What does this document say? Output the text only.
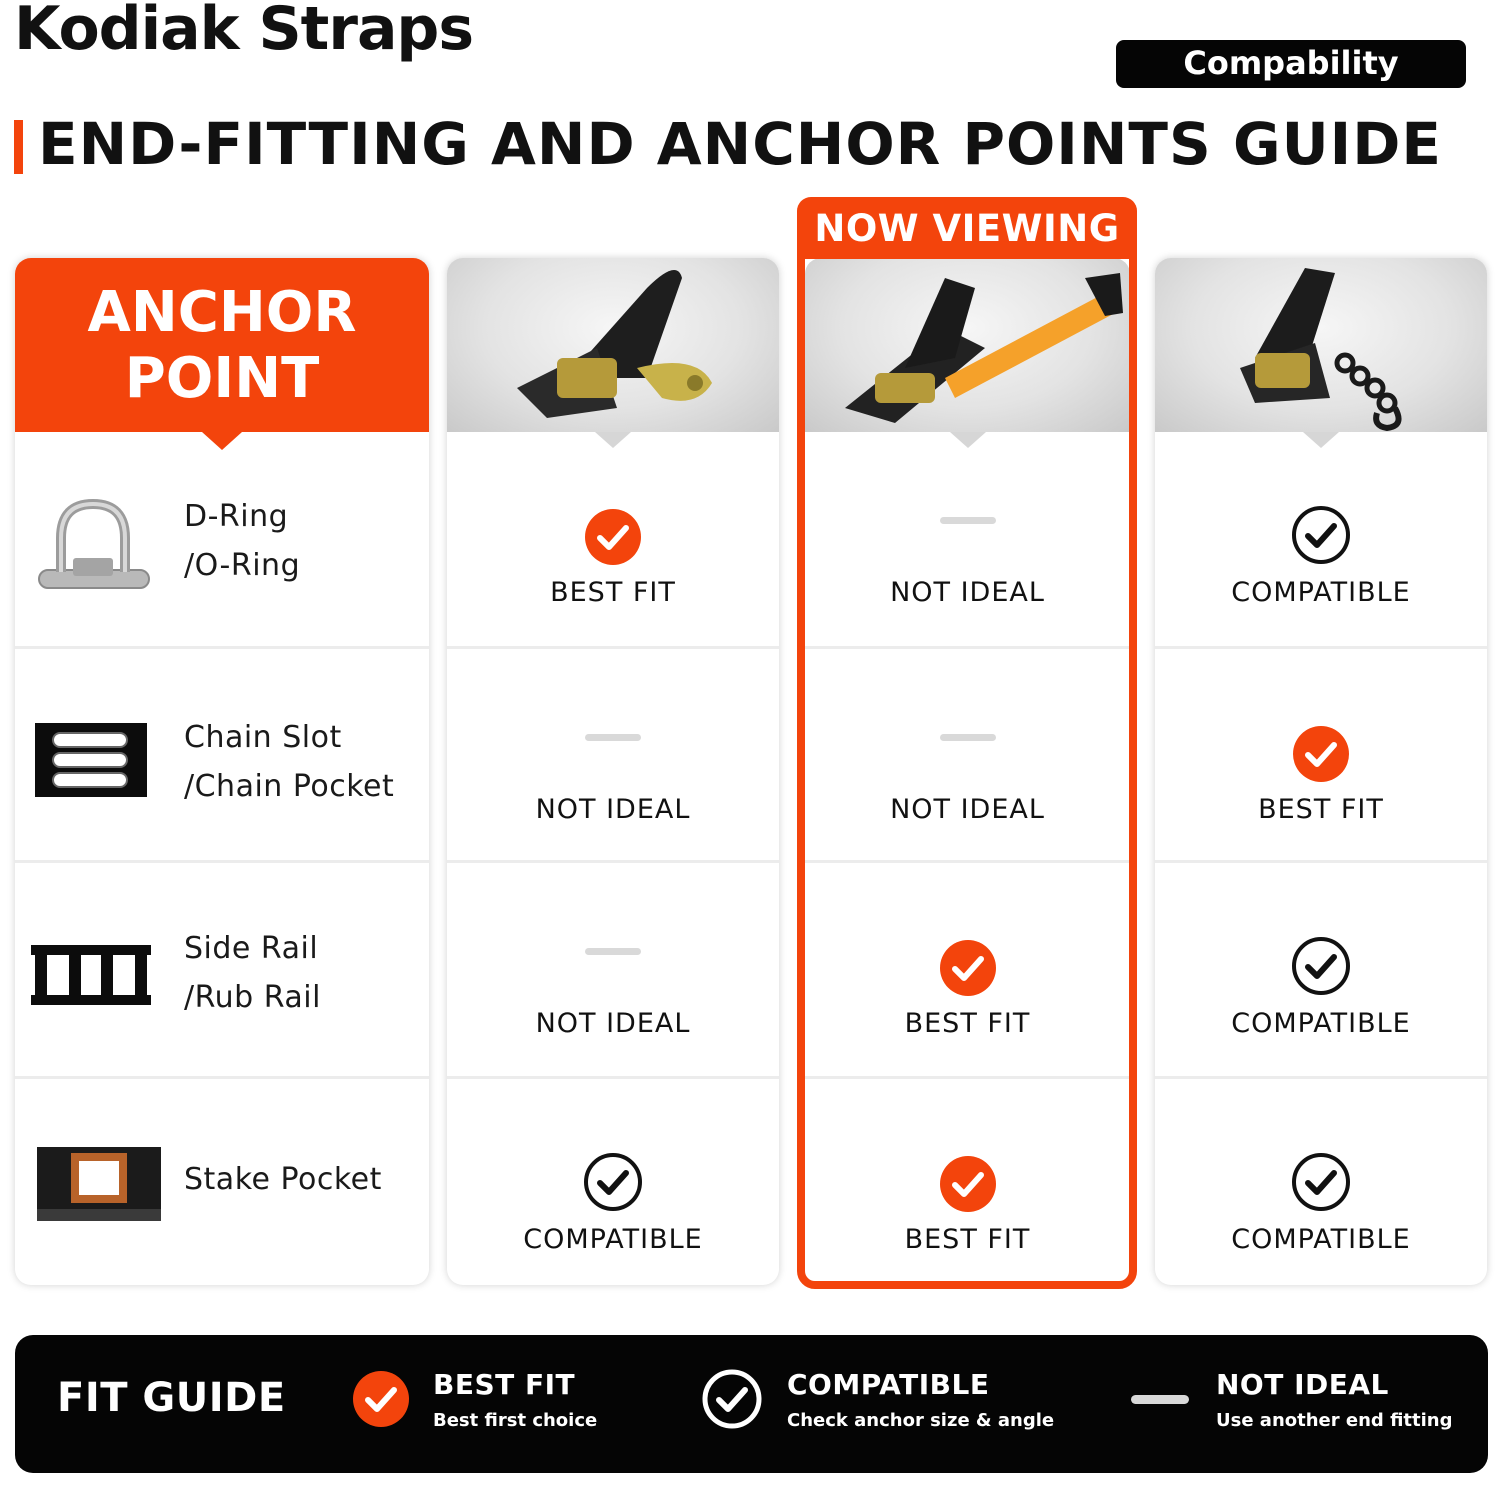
Kodiak Straps	Compability
END-FITTING AND ANCHOR POINTS GUIDE
ANCHOR
POINT
D-Ring
/O-Ring
Chain Slot
/Chain Pocket
Side Rail
/Rub Rail
Stake Pocket
BEST FIT
NOT IDEAL
NOT IDEAL
COMPATIBLE
NOT IDEAL
NOT IDEAL
BEST FIT
BEST FIT
COMPATIBLE
BEST FIT
COMPATIBLE
COMPATIBLE
NOW VIEWING
FIT GUIDE	BEST FIT
Best first choice
COMPATIBLE
Check anchor size & angle
NOT IDEAL
Use another end fitting
